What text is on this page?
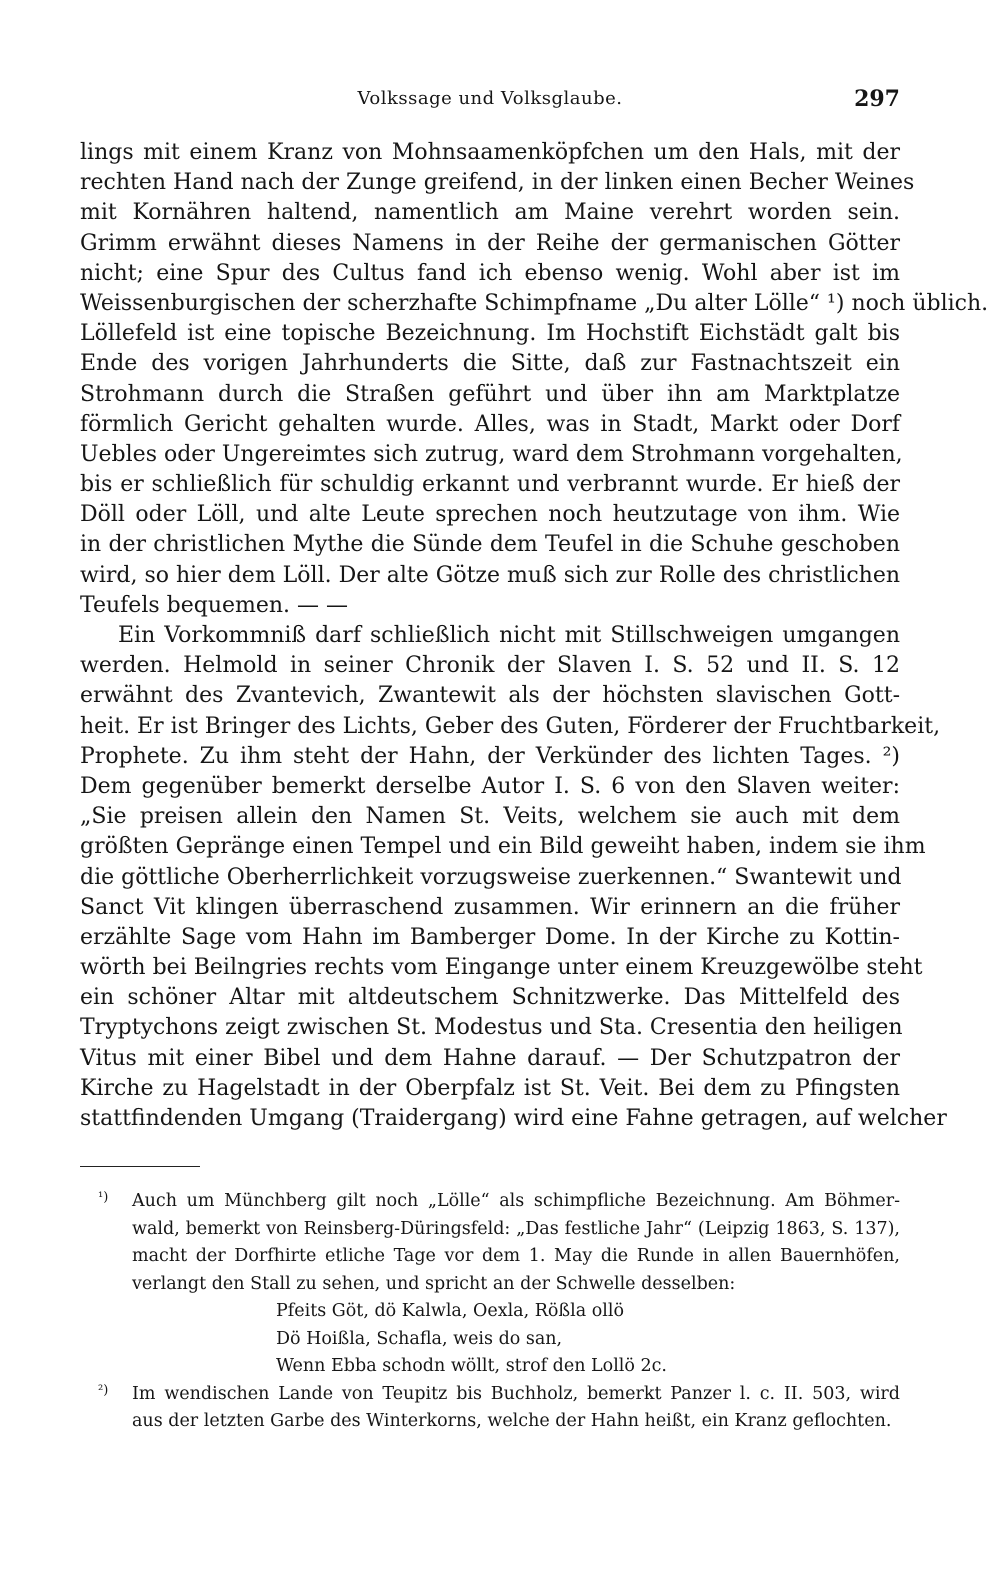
Volkssage und Volksglaube.	297
lings mit einem Kranz von Mohnsaamenköpfchen um den Hals, mit der
rechten Hand nach der Zunge greifend, in der linken einen Becher Weines
mit Kornähren haltend, namentlich am Maine verehrt worden sein.
Grimm erwähnt dieses Namens in der Reihe der germanischen Götter
nicht; eine Spur des Cultus fand ich ebenso wenig. Wohl aber ist im
Weissenburgischen der scherzhafte Schimpfname „Du alter Lölle“ ¹) noch üblich.
Löllefeld ist eine topische Bezeichnung. Im Hochstift Eichstädt galt bis
Ende des vorigen Jahrhunderts die Sitte, daß zur Fastnachtszeit ein
Strohmann durch die Straßen geführt und über ihn am Marktplatze
förmlich Gericht gehalten wurde. Alles, was in Stadt, Markt oder Dorf
Uebles oder Ungereimtes sich zutrug, ward dem Strohmann vorgehalten,
bis er schließlich für schuldig erkannt und verbrannt wurde. Er hieß der
Döll oder Löll, und alte Leute sprechen noch heutzutage von ihm. Wie
in der christlichen Mythe die Sünde dem Teufel in die Schuhe geschoben
wird, so hier dem Löll. Der alte Götze muß sich zur Rolle des christlichen
Teufels bequemen. — —
Ein Vorkommniß darf schließlich nicht mit Stillschweigen umgangen
werden. Helmold in seiner Chronik der Slaven I. S. 52 und II. S. 12
erwähnt des Zvantevich, Zwantewit als der höchsten slavischen Gott-
heit. Er ist Bringer des Lichts, Geber des Guten, Förderer der Fruchtbarkeit,
Prophete. Zu ihm steht der Hahn, der Verkünder des lichten Tages. ²)
Dem gegenüber bemerkt derselbe Autor I. S. 6 von den Slaven weiter:
„Sie preisen allein den Namen St. Veits, welchem sie auch mit dem
größten Gepränge einen Tempel und ein Bild geweiht haben, indem sie ihm
die göttliche Oberherrlichkeit vorzugsweise zuerkennen.“ Swantewit und
Sanct Vit klingen überraschend zusammen. Wir erinnern an die früher
erzählte Sage vom Hahn im Bamberger Dome. In der Kirche zu Kottin-
wörth bei Beilngries rechts vom Eingange unter einem Kreuzgewölbe steht
ein schöner Altar mit altdeutschem Schnitzwerke. Das Mittelfeld des
Tryptychons zeigt zwischen St. Modestus und Sta. Cresentia den heiligen
Vitus mit einer Bibel und dem Hahne darauf. — Der Schutzpatron der
Kirche zu Hagelstadt in der Oberpfalz ist St. Veit. Bei dem zu Pfingsten
stattfindenden Umgang (Traidergang) wird eine Fahne getragen, auf welcher
¹) Auch um Münchberg gilt noch „Lölle“ als schimpfliche Bezeichnung. Am Böhmer-
wald, bemerkt von Reinsberg-Düringsfeld: „Das festliche Jahr“ (Leipzig 1863, S. 137),
macht der Dorfhirte etliche Tage vor dem 1. May die Runde in allen Bauernhöfen,
verlangt den Stall zu sehen, und spricht an der Schwelle desselben:
Pfeits Göt, dö Kalwla, Oexla, Rößla ollö
Dö Hoißla, Schafla, weis do san,
Wenn Ebba schodn wöllt, strof den Lollö 2c.
²) Im wendischen Lande von Teupitz bis Buchholz, bemerkt Panzer l. c. II. 503, wird
aus der letzten Garbe des Winterkorns, welche der Hahn heißt, ein Kranz geflochten.
